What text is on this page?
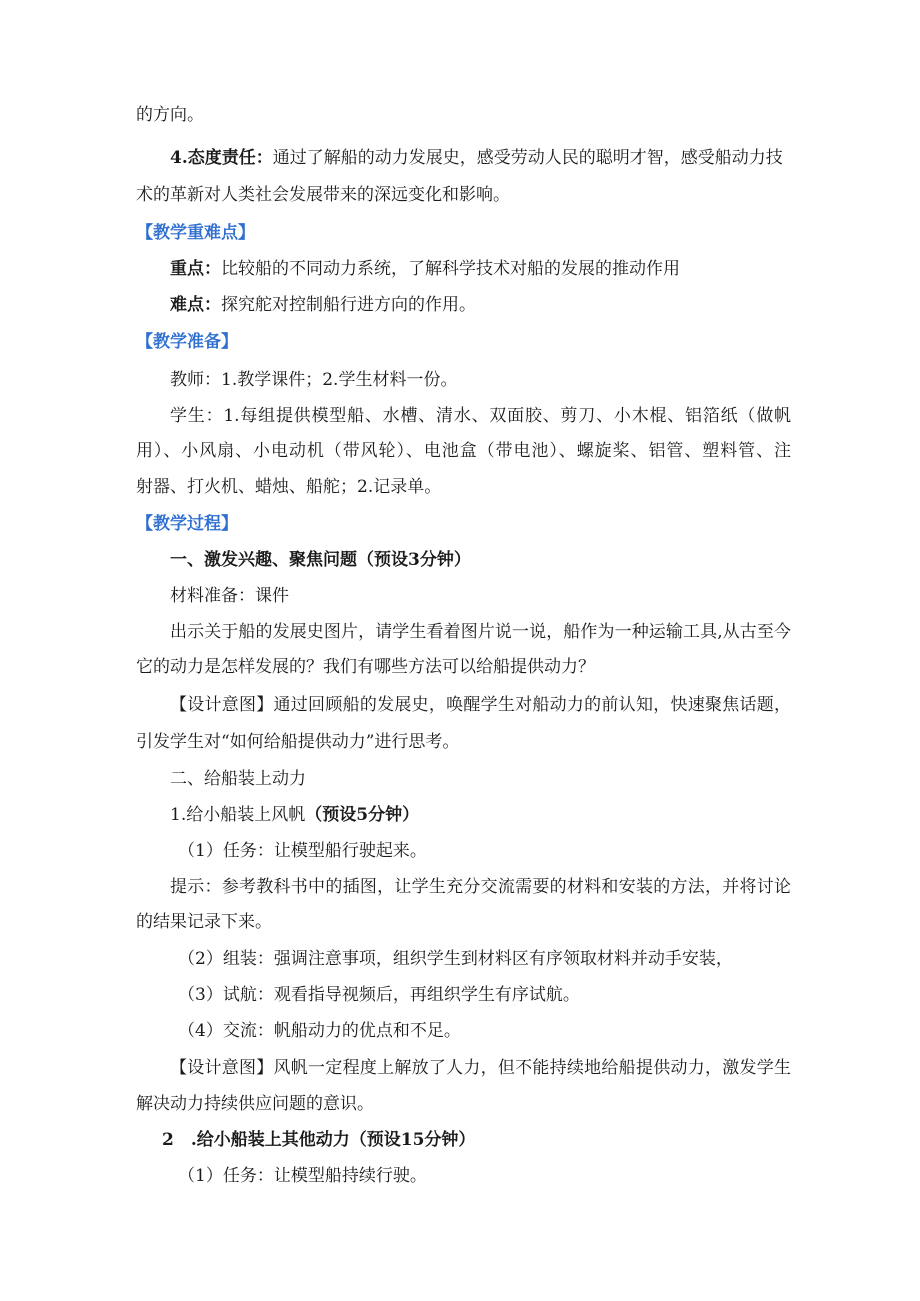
的方向。
4.态度责任：通过了解船的动力发展史，感受劳动人民的聪明才智，感受船动力技
术的革新对人类社会发展带来的深远变化和影响。
【教学重难点】
重点：比较船的不同动力系统，了解科学技术对船的发展的推动作用
难点：探究舵对控制船行进方向的作用。
【教学准备】
教师：1.教学课件；2.学生材料一份。
学生：1.每组提供模型船、水槽、清水、双面胶、剪刀、小木棍、铝箔纸（做帆
用）、小风扇、小电动机（带风轮）、电池盒（带电池）、螺旋桨、铝管、塑料管、注
射器、打火机、蜡烛、船舵；2.记录单。
【教学过程】
一、激发兴趣、聚焦问题（预设3分钟）
材料准备：课件
出示关于船的发展史图片，请学生看着图片说一说，船作为一种运输工具,从古至今
它的动力是怎样发展的？我们有哪些方法可以给船提供动力？
【设计意图】通过回顾船的发展史，唤醒学生对船动力的前认知，快速聚焦话题，
引发学生对“如何给船提供动力”进行思考。
二、给船装上动力
1.给小船装上风帆（预设5分钟）
（1）任务：让模型船行驶起来。
提示：参考教科书中的插图，让学生充分交流需要的材料和安装的方法，并将讨论
的结果记录下来。
（2）组装：强调注意事项，组织学生到材料区有序领取材料并动手安装，
（3）试航：观看指导视频后，再组织学生有序试航。
（4）交流：帆船动力的优点和不足。
【设计意图】风帆一定程度上解放了人力，但不能持续地给船提供动力，激发学生
解决动力持续供应问题的意识。
2　.给小船装上其他动力（预设15分钟）
（1）任务：让模型船持续行驶。
